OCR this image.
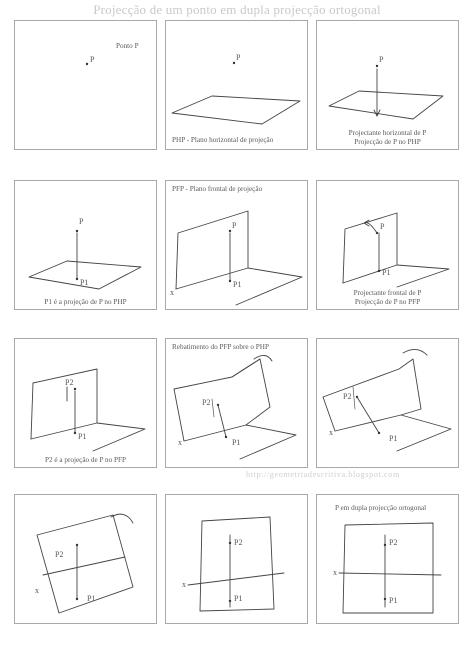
Projecção de um ponto em dupla projecção ortogonal
Ponto P
P	P
PHP - Plano horizontal de projeção
P
Projectante horizontal de P
Projecção de P no PHP
P
P1
P1 é a projeção de P no PHP
PFP - Plano frontal de projeção
P
P1
x
P
P1
Projectante frontal de P
Projecção de P no PFP
P2
P1
P2 é a projeção de P no PFP
Rebatimento do PFP sobre o PHP
P2
P1
x
P2
P1
x
http://geometriadescritiva.blogspot.com
P2
P1
x
P2
P1
x
P em dupla projecção ortogonal
P2
P1
x
